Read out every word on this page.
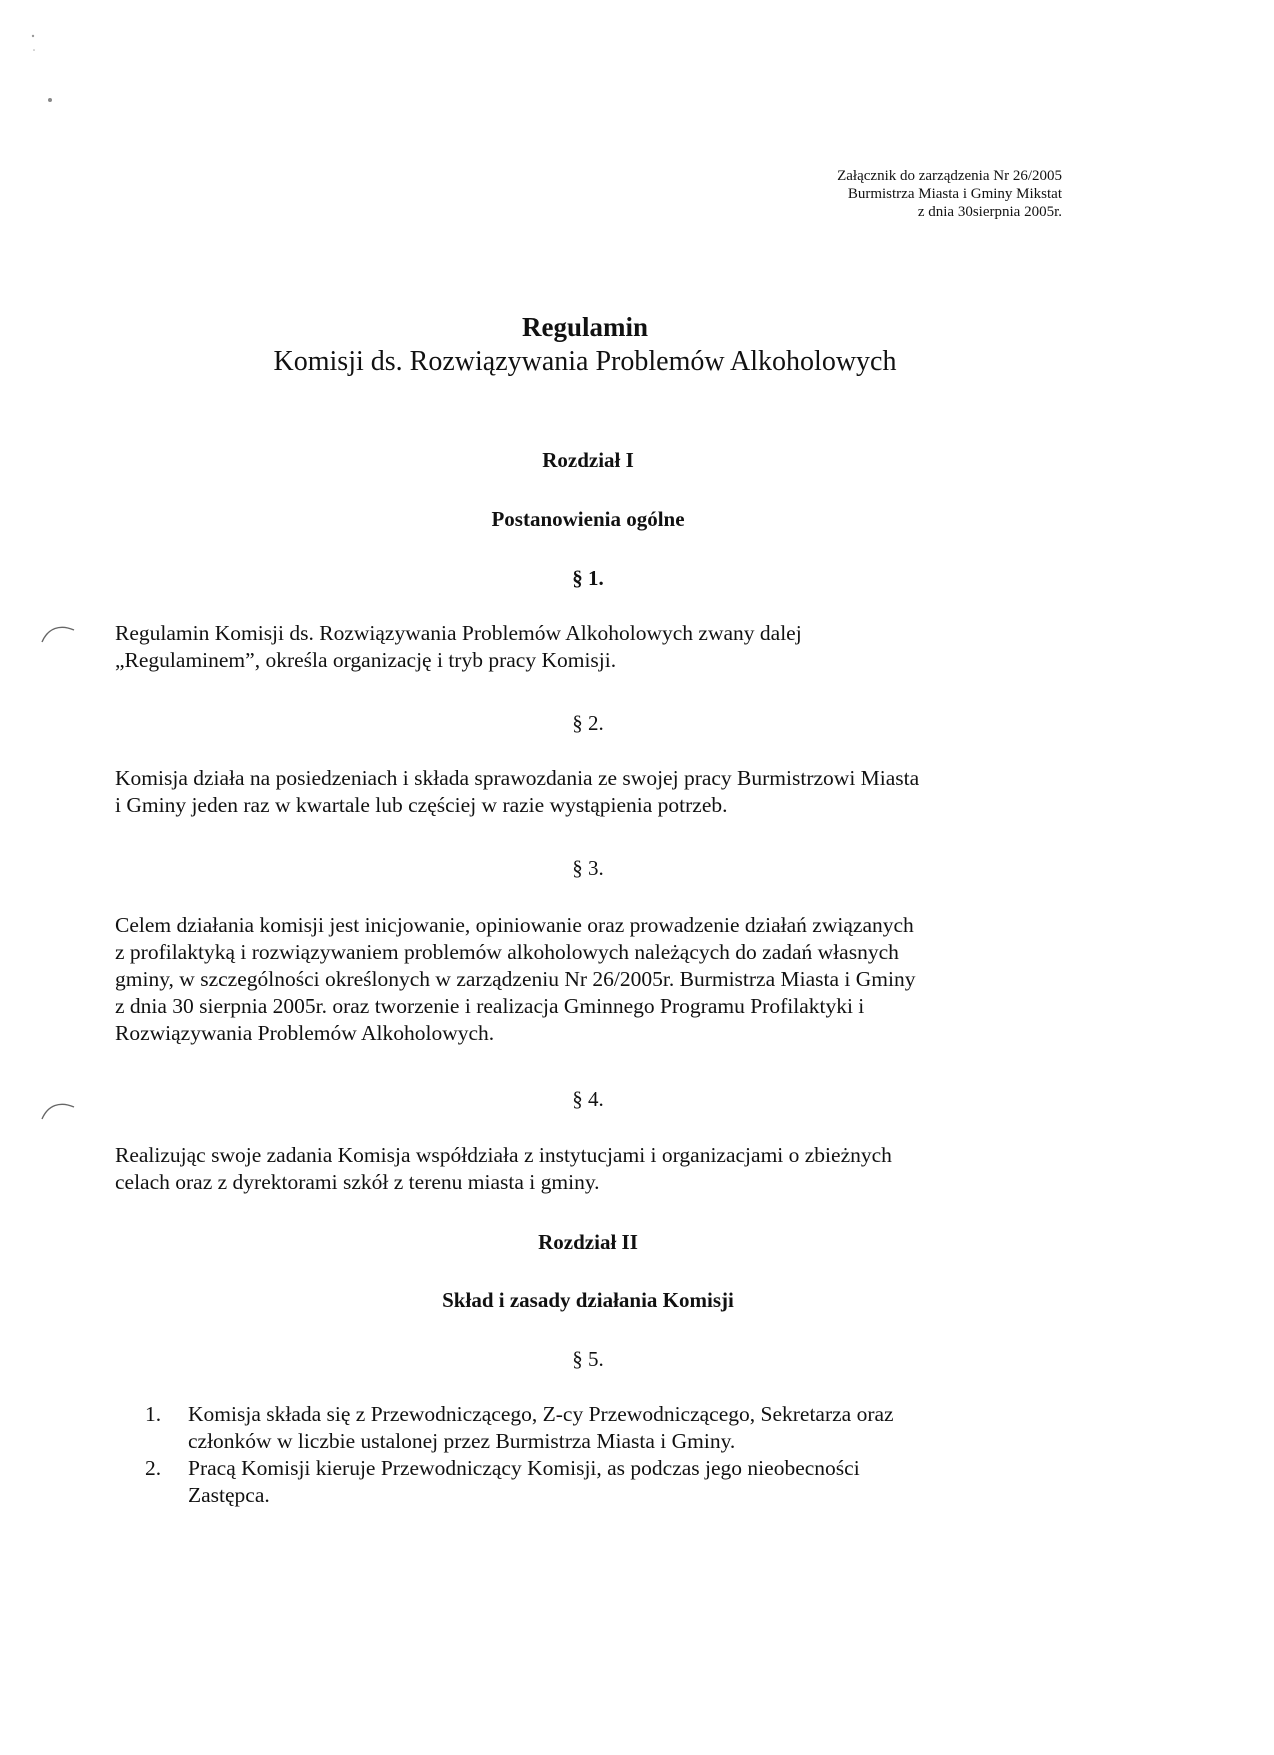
Załącznik do zarządzenia Nr 26/2005
Burmistrza Miasta i Gminy Mikstat
z dnia 30sierpnia 2005r.
Regulamin
Komisji ds. Rozwiązywania Problemów Alkoholowych
Rozdział I
Postanowienia ogólne
§ 1.
Regulamin Komisji ds. Rozwiązywania Problemów Alkoholowych zwany dalej
„Regulaminem”, określa organizację i tryb pracy Komisji.
§ 2.
Komisja działa na posiedzeniach i składa sprawozdania ze swojej pracy Burmistrzowi Miasta
i Gminy jeden raz w kwartale lub częściej w razie wystąpienia potrzeb.
§ 3.
Celem działania komisji jest inicjowanie, opiniowanie oraz prowadzenie działań związanych
z profilaktyką i rozwiązywaniem problemów alkoholowych należących do zadań własnych
gminy, w szczególności określonych w zarządzeniu Nr 26/2005r. Burmistrza Miasta i Gminy
z dnia 30 sierpnia 2005r. oraz tworzenie i realizacja Gminnego Programu Profilaktyki i
Rozwiązywania Problemów Alkoholowych.
§ 4.
Realizując swoje zadania Komisja współdziała z instytucjami i organizacjami o zbieżnych
celach oraz z dyrektorami szkół z terenu miasta i gminy.
Rozdział II
Skład i zasady działania Komisji
§ 5.
1. Komisja składa się z Przewodniczącego, Z-cy Przewodniczącego, Sekretarza oraz
członków w liczbie ustalonej przez Burmistrza Miasta i Gminy.
2. Pracą Komisji kieruje Przewodniczący Komisji, as podczas jego nieobecności
Zastępca.
